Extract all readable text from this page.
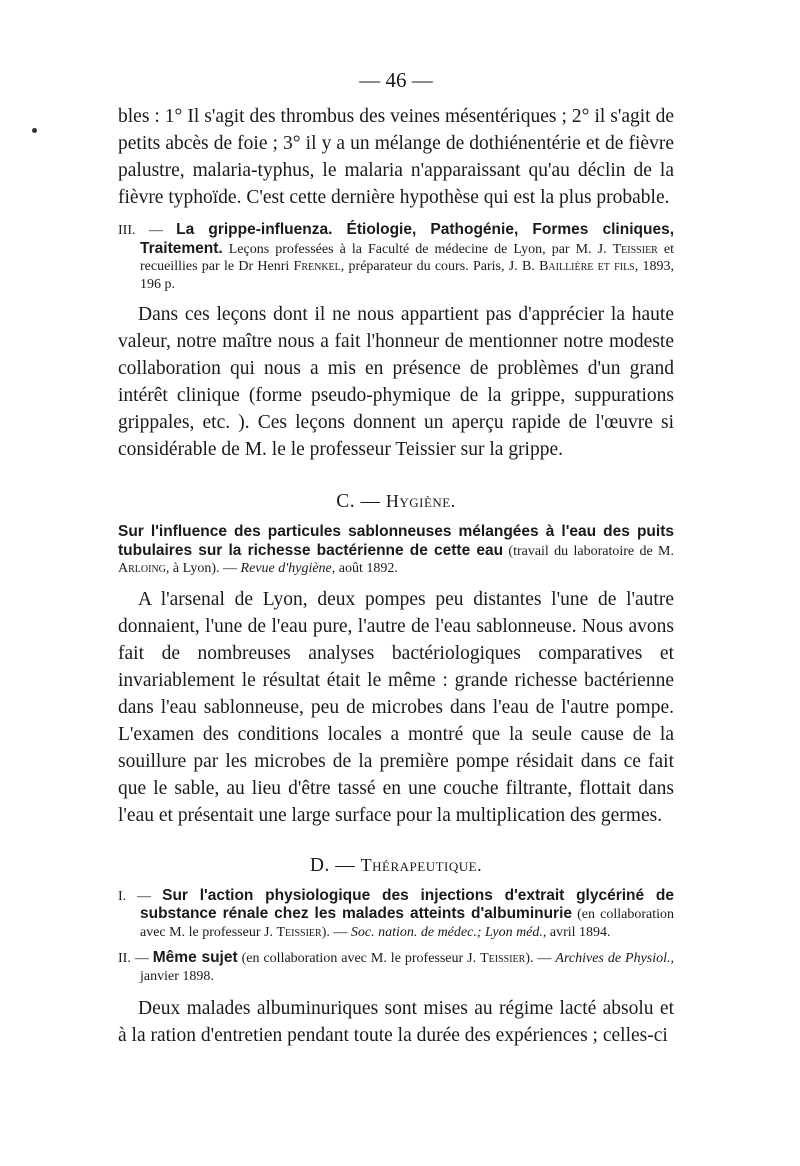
— 46 —

bles : 1° Il s'agit des thrombus des veines mésentériques ; 2° il s'agit de petits abcès de foie ; 3° il y a un mélange de dothiénentérie et de fièvre palustre, malaria-typhus, le malaria n'apparaissant qu'au déclin de la fièvre typhoïde. C'est cette dernière hypothèse qui est la plus probable.

III. — La grippe-influenza. Étiologie, Pathogénie, Formes cliniques, Traitement. Leçons professées à la Faculté de médecine de Lyon, par M. J. Teissier et recueillies par le Dr Henri Frenkel, préparateur du cours. Paris, J. B. Baillière et fils, 1893, 196 p.

Dans ces leçons dont il ne nous appartient pas d'apprécier la haute valeur, notre maître nous a fait l'honneur de mentionner notre modeste collaboration qui nous a mis en présence de problèmes d'un grand intérêt clinique (forme pseudo-phymique de la grippe, suppurations grippales, etc. ). Ces leçons donnent un aperçu rapide de l'œuvre si considérable de M. le le professeur Teissier sur la grippe.

C. — Hygiène.

Sur l'influence des particules sablonneuses mélangées à l'eau des puits tubulaires sur la richesse bactérienne de cette eau (travail du laboratoire de M. Arloing, à Lyon). — Revue d'hygiène, août 1892.

A l'arsenal de Lyon, deux pompes peu distantes l'une de l'autre donnaient, l'une de l'eau pure, l'autre de l'eau sablonneuse. Nous avons fait de nombreuses analyses bactériologiques comparatives et invariablement le résultat était le même : grande richesse bactérienne dans l'eau sablonneuse, peu de microbes dans l'eau de l'autre pompe. L'examen des conditions locales a montré que la seule cause de la souillure par les microbes de la première pompe résidait dans ce fait que le sable, au lieu d'être tassé en une couche filtrante, flottait dans l'eau et présentait une large surface pour la multiplication des germes.

D. — Thérapeutique.

I. — Sur l'action physiologique des injections d'extrait glycériné de substance rénale chez les malades atteints d'albuminurie (en collaboration avec M. le professeur J. Teissier). — Soc. nation. de médec.; Lyon méd., avril 1894.

II. — Même sujet (en collaboration avec M. le professeur J. Teissier). — Archives de Physiol., janvier 1898.

Deux malades albuminuriques sont mises au régime lacté absolu et à la ration d'entretien pendant toute la durée des expériences ; celles-ci
